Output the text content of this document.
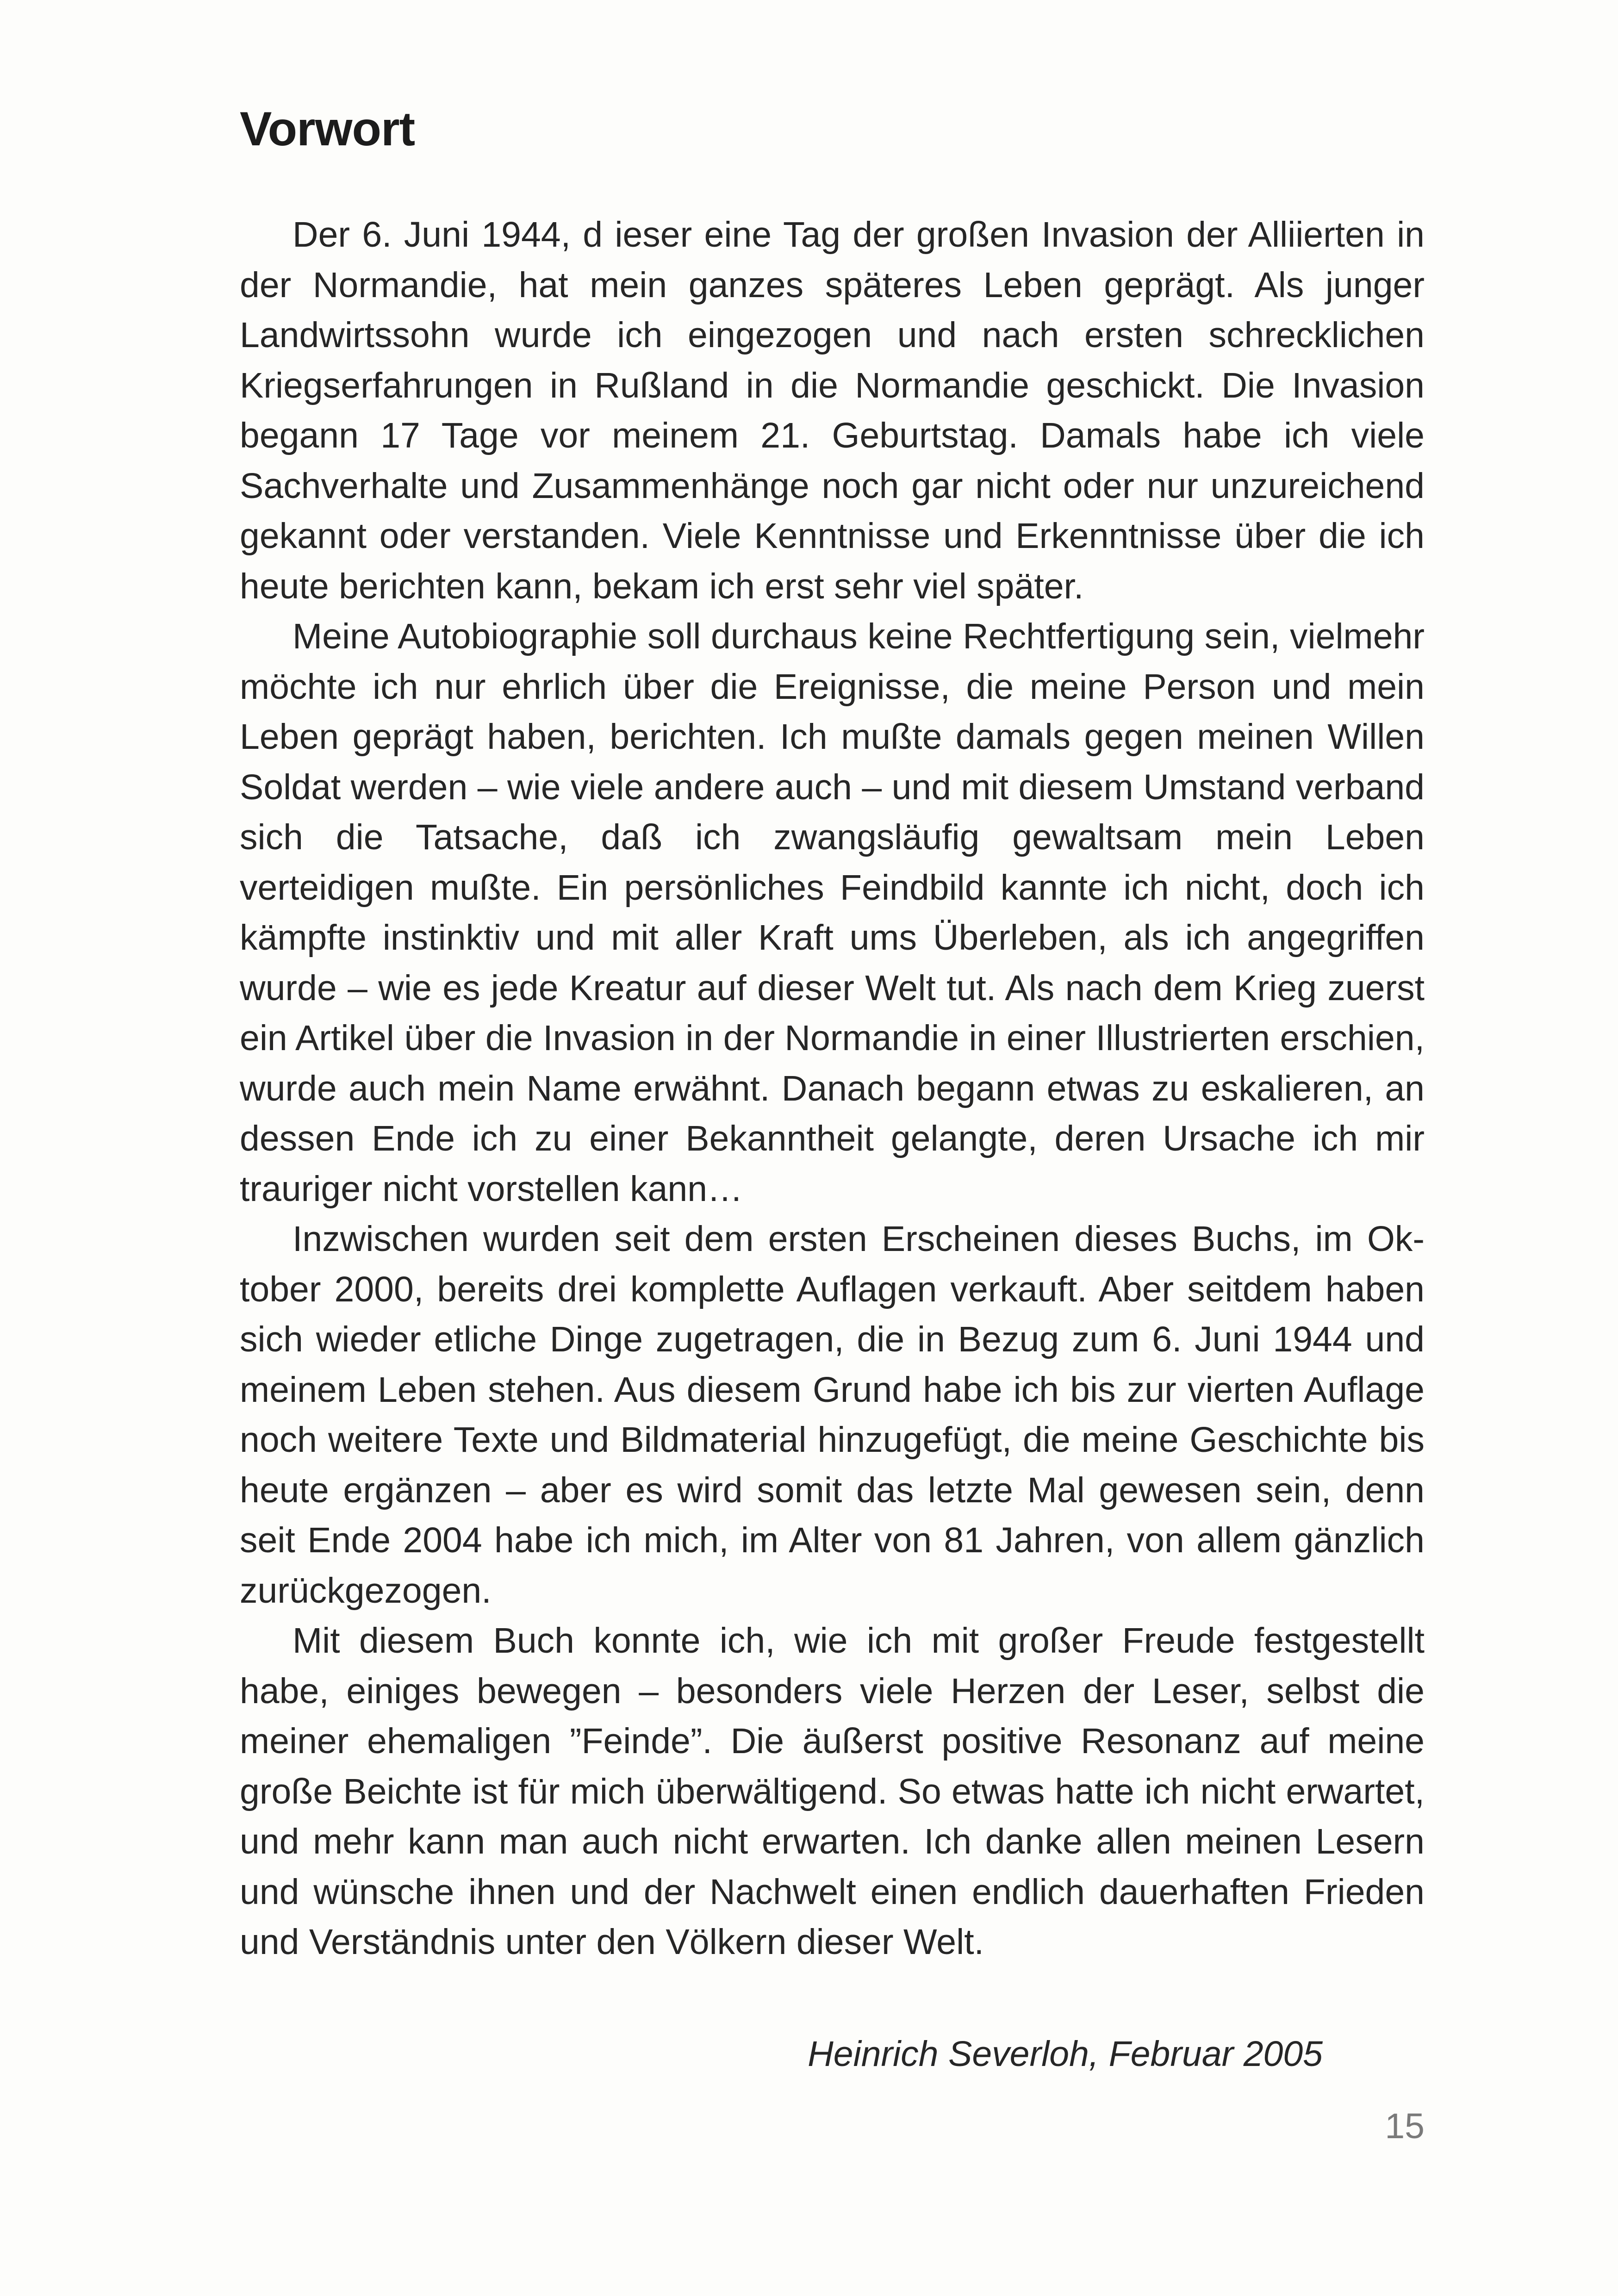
Vorwort

Der 6. Juni 1944, d ieser eine Tag der großen Invasion der Alliierten in der Normandie, hat mein ganzes späteres Leben geprägt. Als junger Landwirtssohn wurde ich eingezogen und nach ersten schrecklichen Kriegserfahrungen in Rußland in die Normandie geschickt. Die Invasion begann 17 Tage vor meinem 21. Geburtstag. Damals habe ich viele Sachverhalte und Zusammenhänge noch gar nicht oder nur unzureichend gekannt oder verstanden. Viele Kenntnisse und Erkenntnisse über die ich heute berichten kann, bekam ich erst sehr viel später.

Meine Autobiographie soll durchaus keine Rechtfertigung sein, vielmehr möchte ich nur ehrlich über die Ereignisse, die meine Person und mein Leben geprägt haben, berichten. Ich mußte damals gegen meinen Willen Soldat werden – wie viele andere auch – und mit diesem Umstand verband sich die Tatsache, daß ich zwangsläufig gewaltsam mein Leben verteidigen mußte. Ein persönliches Feindbild kannte ich nicht, doch ich kämpfte instinktiv und mit aller Kraft ums Überleben, als ich angegriffen wurde – wie es jede Kreatur auf dieser Welt tut. Als nach dem Krieg zuerst ein Artikel über die Invasion in der Normandie in einer Illustrierten erschien, wurde auch mein Name erwähnt. Danach begann etwas zu eskalieren, an dessen Ende ich zu einer Bekanntheit gelangte, deren Ursache ich mir trauriger nicht vorstellen kann…

Inzwischen wurden seit dem ersten Erscheinen dieses Buchs, im Oktober 2000, bereits drei komplette Auflagen verkauft. Aber seitdem haben sich wieder etliche Dinge zugetragen, die in Bezug zum 6. Juni 1944 und meinem Leben stehen. Aus diesem Grund habe ich bis zur vierten Auflage noch weitere Texte und Bildmaterial hinzugefügt, die meine Geschichte bis heute ergänzen – aber es wird somit das letzte Mal gewesen sein, denn seit Ende 2004 habe ich mich, im Alter von 81 Jahren, von allem gänzlich zurückgezogen.

Mit diesem Buch konnte ich, wie ich mit großer Freude festgestellt habe, einiges bewegen – besonders viele Herzen der Leser, selbst die meiner ehemaligen ”Feinde”. Die äußerst positive Resonanz auf meine große Beichte ist für mich überwältigend. So etwas hatte ich nicht erwartet, und mehr kann man auch nicht erwarten. Ich danke allen meinen Lesern und wünsche ihnen und der Nachwelt einen endlich dauerhaften Frieden und Verständnis unter den Völkern dieser Welt.

Heinrich Severloh, Februar 2005
15
